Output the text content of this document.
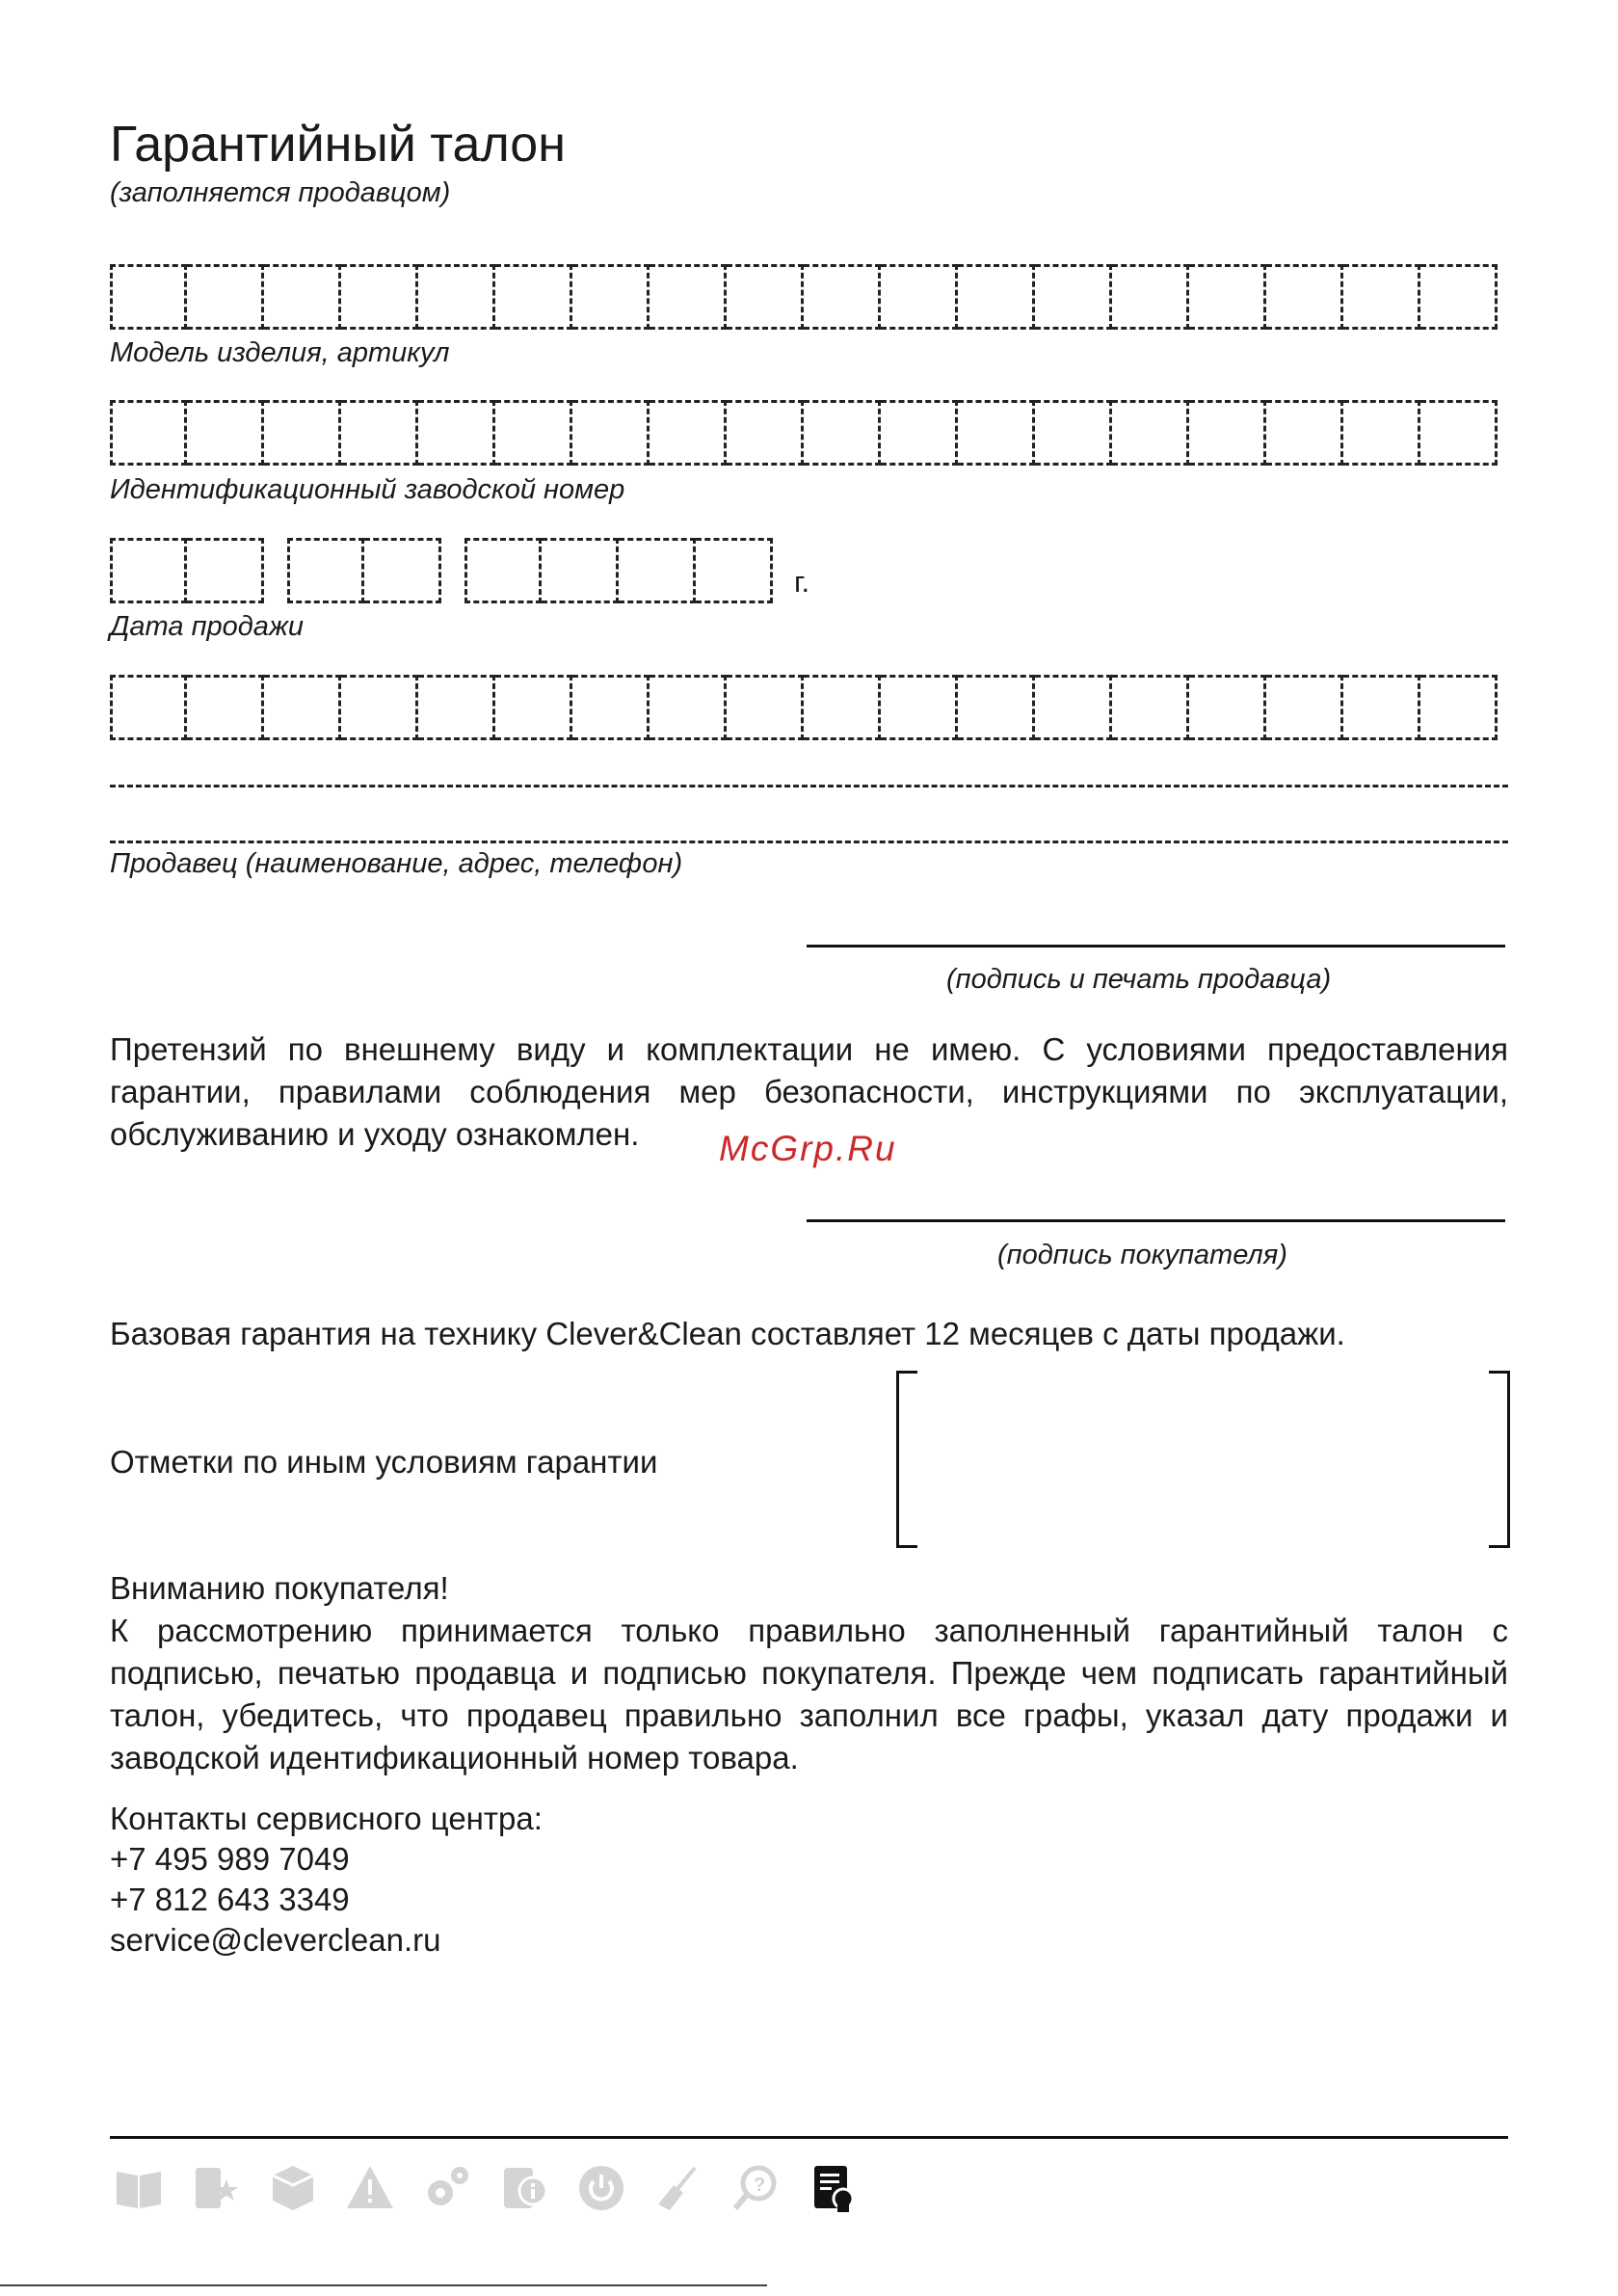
Гарантийный талон
(заполняется продавцом)
Модель изделия, артикул
Идентификационный заводской номер
г.
Дата продажи
Продавец (наименование, адрес, телефон)
(подпись и печать продавца)
Претензий по внешнему виду и комплектации не имею. С условиями предоставления гарантии, правилами соблюдения мер безопасности, инструкциями по эксплуатации, обслуживанию и уходу ознакомлен.	McGrp.Ru
(подпись покупателя)
Базовая гарантия на технику Clever&Clean составляет 12 месяцев с даты продажи.
Отметки по иным условиям гарантии
Вниманию покупателя!
К рассмотрению принимается только правильно заполненный гарантийный талон с подписью, печатью продавца и подписью покупателя. Прежде чем подписать гарантийный талон, убедитесь, что продавец правильно заполнил все графы, указал дату продажи и заводской идентификационный номер товара.
Контакты сервисного центра:
+7 495 989 7049
+7 812 643 3349
service@cleverclean.ru
?
